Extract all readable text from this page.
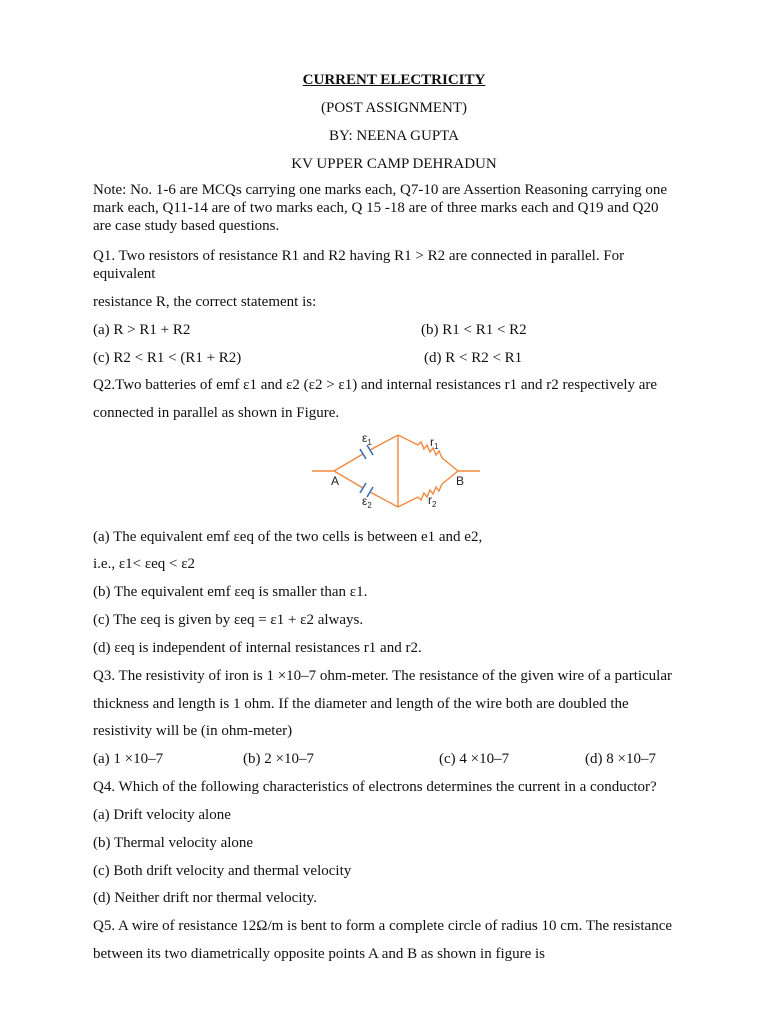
CURRENT ELECTRICITY
(POST ASSIGNMENT)
BY: NEENA GUPTA
KV UPPER CAMP DEHRADUN
Note: No. 1-6 are MCQs carrying one marks each, Q7-10 are Assertion Reasoning carrying one
mark each, Q11-14 are of two marks each, Q 15 -18 are of three marks each and Q19 and Q20
are case study based questions.
Q1. Two resistors of resistance R1 and R2 having R1 > R2 are connected in parallel. For
equivalent
resistance R, the correct statement is:
(a) R > R1 + R2	(b) R1 < R1 < R2
(c) R2 < R1 < (R1 + R2)	(d) R < R2 < R1
Q2.Two batteries of emf ε1 and ε2 (ε2 > ε1) and internal resistances r1 and r2 respectively are
connected in parallel as shown in Figure.
A	B
$\varepsilon_1$
$\varepsilon_2$
$r_1$
$r_2$
(a) The equivalent emf εeq of the two cells is between e1 and e2,
i.e., ε1< εeq < ε2
(b) The equivalent emf εeq is smaller than ε1.
(c) The εeq is given by εeq = ε1 + ε2 always.
(d) εeq is independent of internal resistances r1 and r2.
Q3. The resistivity of iron is 1 ×10–7 ohm-meter. The resistance of the given wire of a particular
thickness and length is 1 ohm. If the diameter and length of the wire both are doubled the
resistivity will be (in ohm-meter)
(a) 1 ×10–7	(b) 2 ×10–7	(c) 4 ×10–7	(d) 8 ×10–7
Q4. Which of the following characteristics of electrons determines the current in a conductor?
(a) Drift velocity alone
(b) Thermal velocity alone
(c) Both drift velocity and thermal velocity
(d) Neither drift nor thermal velocity.
Q5. A wire of resistance 12Ω/m is bent to form a complete circle of radius 10 cm. The resistance
between its two diametrically opposite points A and B as shown in figure is
